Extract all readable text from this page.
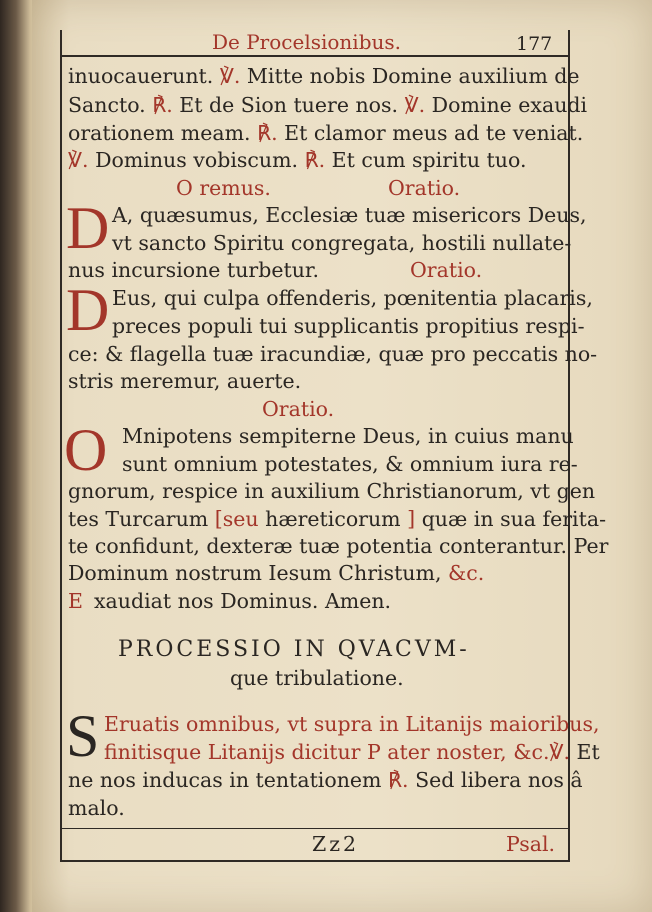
De Procelsionibus.	177
inuocauerunt. ℣. Mitte nobis Domine auxilium de
Sancto. ℟. Et de Sion tuere nos. ℣. Domine exaudi
orationem meam. ℟. Et clamor meus ad te veniat.
℣. Dominus vobiscum. ℟. Et cum spiritu tuo.
O remus.	Oratio.
D A, quæsumus, Ecclesiæ tuæ misericors Deus,
vt sancto Spiritu congregata, hostili nullate-
nus incursione turbetur.	Oratio.
D Eus, qui culpa offenderis, pœnitentia placaris,
preces populi tui supplicantis propitius respi-
ce: & flagella tuæ iracundiæ, quæ pro peccatis no-
stris meremur, auerte.
Oratio.
O Mnipotens sempiterne Deus, in cuius manu
sunt omnium potestates, & omnium iura re-
gnorum, respice in auxilium Christianorum, vt gen
tes Turcarum [seu hæreticorum ] quæ in sua ferita-
te confidunt, dexteræ tuæ potentia conterantur. Per
Dominum nostrum Iesum Christum, &c.
E xaudiat nos Dominus. Amen.
PROCESSIO IN QVACVM-
que tribulatione.
S Eruatis omnibus, vt supra in Litanijs maioribus,
finitisque Litanijs dicitur P ater noster, &c.℣. Et
ne nos inducas in tentationem ℟. Sed libera nos â
malo.
Zz2	Psal.
